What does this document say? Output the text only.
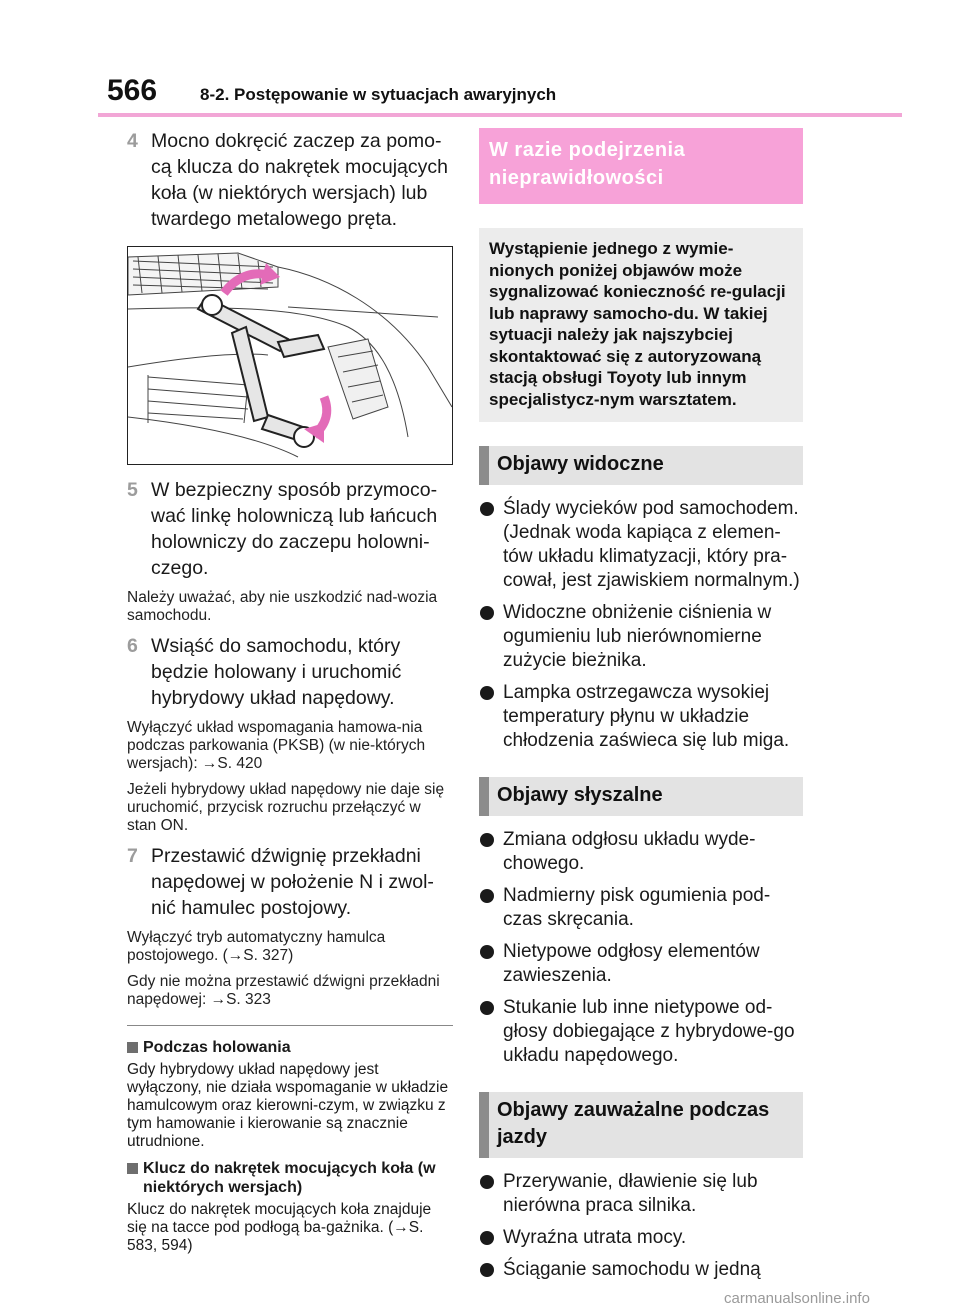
566	8-2. Postępowanie w sytuacjach awaryjnych
4 Mocno dokręcić zaczep za pomo-cą klucza do nakrętek mocujących koła (w niektórych wersjach) lub twardego metalowego pręta.
5 W bezpieczny sposób przymoco-wać linkę holowniczą lub łańcuch holowniczy do zaczepu holowni-czego.

Należy uważać, aby nie uszkodzić nad-wozia samochodu.

6 Wsiąść do samochodu, który będzie holowany i uruchomić hybrydowy układ napędowy.

Wyłączyć układ wspomagania hamowa-nia podczas parkowania (PKSB) (w nie-których wersjach): →S. 420

Jeżeli hybrydowy układ napędowy nie daje się uruchomić, przycisk rozruchu przełączyć w stan ON.

7 Przestawić dźwignię przekładni napędowej w położenie N i zwol-nić hamulec postojowy.

Wyłączyć tryb automatyczny hamulca postojowego. (→S. 327)

Gdy nie można przestawić dźwigni przekładni napędowej: →S. 323

Podczas holowania
Gdy hybrydowy układ napędowy jest wyłączony, nie działa wspomaganie w układzie hamulcowym oraz kierowni-czym, w związku z tym hamowanie i kierowanie są znacznie utrudnione.
Klucz do nakrętek mocujących koła (w niektórych wersjach)
Klucz do nakrętek mocujących koła znajduje się na tacce pod podłogą ba-gażnika. (→S. 583, 594)
W razie podejrzenia nieprawidłowości
Wystąpienie jednego z wymie-nionych poniżej objawów może sygnalizować konieczność re-gulacji lub naprawy samocho-du. W takiej sytuacji należy jak najszybciej skontaktować się z autoryzowaną stacją obsługi Toyoty lub innym specjalistycz-nym warsztatem.
Objawy widoczne
Ślady wycieków pod samochodem. (Jednak woda kapiąca z elemen-tów układu klimatyzacji, który pra-cował, jest zjawiskiem normalnym.)
Widoczne obniżenie ciśnienia w ogumieniu lub nierównomierne zużycie bieżnika.
Lampka ostrzegawcza wysokiej temperatury płynu w układzie chłodzenia zaświeca się lub miga.
Objawy słyszalne
Zmiana odgłosu układu wyde-chowego.
Nadmierny pisk ogumienia pod-czas skręcania.
Nietypowe odgłosy elementów zawieszenia.
Stukanie lub inne nietypowe od-głosy dobiegające z hybrydowe-go układu napędowego.
Objawy zauważalne podczas jazdy
Przerywanie, dławienie się lub nierówna praca silnika.
Wyraźna utrata mocy.
Ściąganie samochodu w jedną
carmanualsonline.info
